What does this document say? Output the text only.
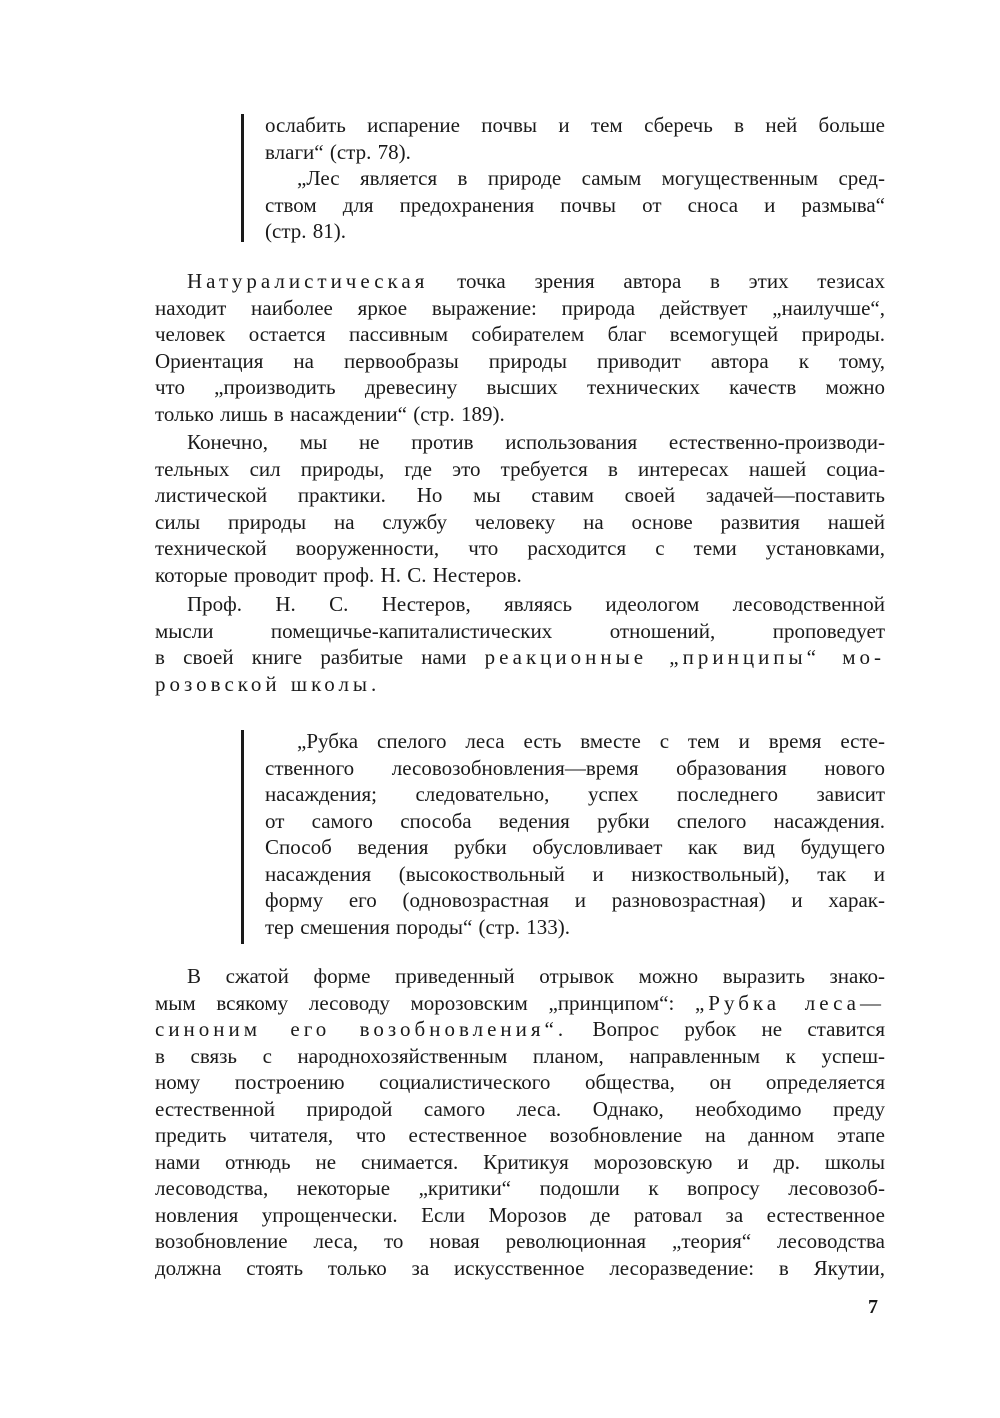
ослабить испарение почвы и тем сберечь в ней больше

влаги“ (стр. 78).

„Лес является в природе самым могущественным сред-

ством для предохранения почвы от сноса и размыва“

(стр. 81).

Натуралистическая точка зрения автора в этих тезисах

находит наиболее яркое выражение: природа действует „наилучше“,

человек остается пассивным собирателем благ всемогущей природы.

Ориентация на первообразы природы приводит автора к тому,

что „производить древесину высших технических качеств можно

только лишь в насаждении“ (стр. 189).

Конечно, мы не против использования естественно-производи-

тельных сил природы, где это требуется в интересах нашей социа-

листической практики. Но мы ставим своей задачей—поставить

силы природы на службу человеку на основе развития нашей

технической вооруженности, что расходится с теми установками,

которые проводит проф. Н. С. Нестеров.

Проф. Н. С. Нестеров, являясь идеологом лесоводственной

мысли помещичье-капиталистических отношений, проповедует

в своей книге разбитые нами реакционные „принципы“ мо-

розовской школы.

„Рубка спелого леса есть вместе с тем и время есте-

ственного лесовозобновления—время образования нового

насаждения; следовательно, успех последнего зависит

от самого способа ведения рубки спелого насаждения.

Способ ведения рубки обусловливает как вид будущего

насаждения (высокоствольный и низкоствольный), так и

форму его (одновозрастная и разновозрастная) и харак-

тер смешения породы“ (стр. 133).

В сжатой форме приведенный отрывок можно выразить знако-

мым всякому лесоводу морозовским „принципом“: „Рубка леса—

синоним его возобновления“. Вопрос рубок не ставится

в связь с народнохозяйственным планом, направленным к успеш-

ному построению социалистического общества, он определяется

естественной природой самого леса. Однако, необходимо преду

предить читателя, что естественное возобновление на данном этапе

нами отнюдь не снимается. Критикуя морозовскую и др. школы

лесоводства, некоторые „критики“ подошли к вопросу лесовозоб-

новления упрощенчески. Если Морозов де ратовал за естественное

возобновление леса, то новая революционная „теория“ лесоводства

должна стоять только за искусственное лесоразведение: в Якутии,

7
